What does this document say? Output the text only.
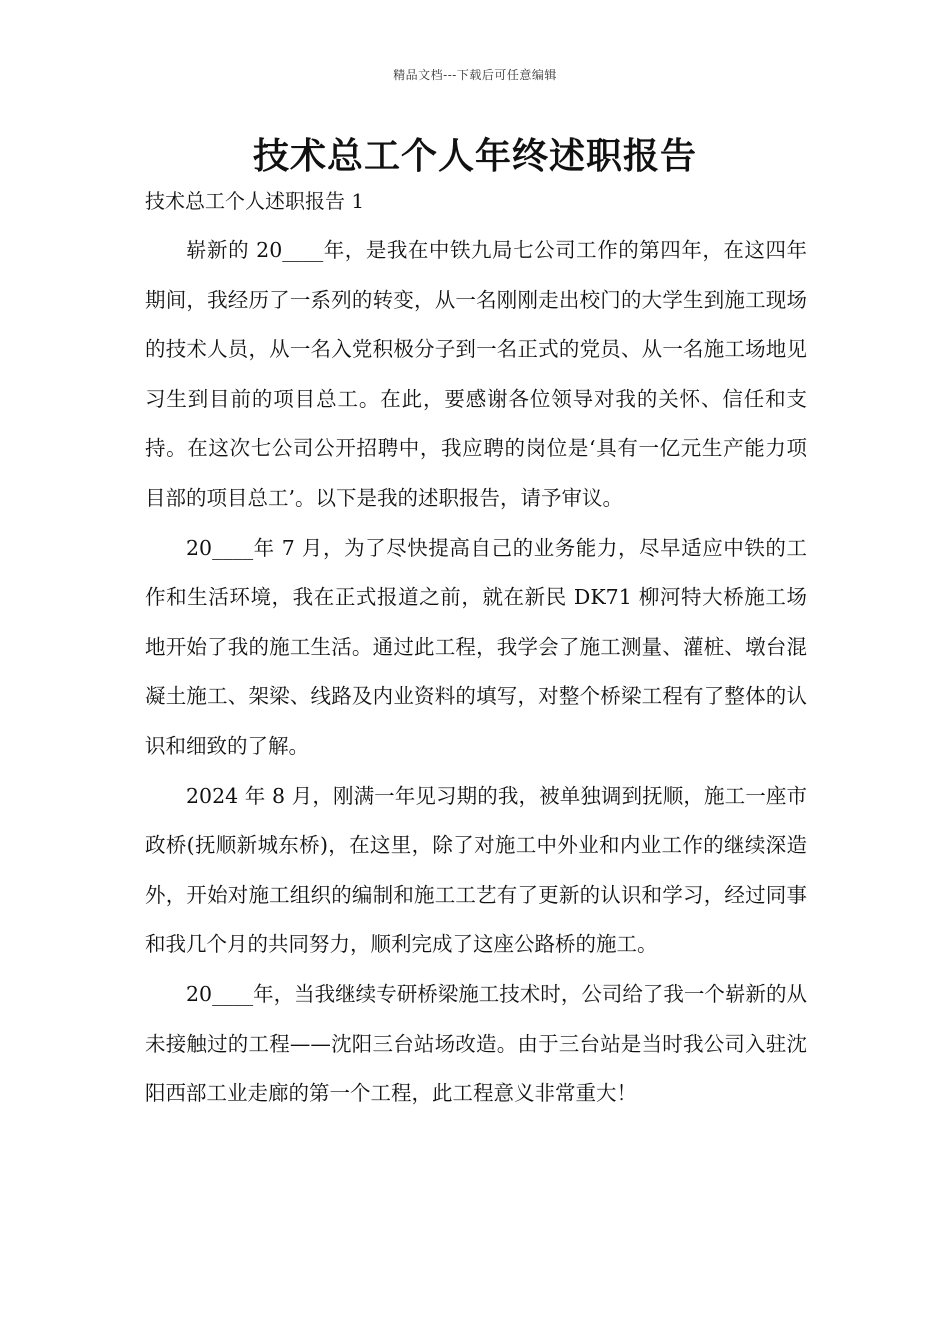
精品文档---下载后可任意编辑
技术总工个人年终述职报告
技术总工个人述职报告 1

崭新的 20____年，是我在中铁九局七公司工作的第四年，在这四年期间，我经历了一系列的转变，从一名刚刚走出校门的大学生到施工现场的技术人员，从一名入党积极分子到一名正式的党员、从一名施工场地见习生到目前的项目总工。在此，要感谢各位领导对我的关怀、信任和支持。在这次七公司公开招聘中，我应聘的岗位是‘具有一亿元生产能力项目部的项目总工’。以下是我的述职报告，请予审议。

20____年 7 月，为了尽快提高自己的业务能力，尽早适应中铁的工作和生活环境，我在正式报道之前，就在新民 DK71 柳河特大桥施工场地开始了我的施工生活。通过此工程，我学会了施工测量、灌桩、墩台混凝土施工、架梁、线路及内业资料的填写，对整个桥梁工程有了整体的认识和细致的了解。

2024 年 8 月，刚满一年见习期的我，被单独调到抚顺，施工一座市政桥(抚顺新城东桥)，在这里，除了对施工中外业和内业工作的继续深造外，开始对施工组织的编制和施工工艺有了更新的认识和学习，经过同事和我几个月的共同努力，顺利完成了这座公路桥的施工。

20____年，当我继续专研桥梁施工技术时，公司给了我一个崭新的从未接触过的工程——沈阳三台站场改造。由于三台站是当时我公司入驻沈阳西部工业走廊的第一个工程，此工程意义非常重大！
